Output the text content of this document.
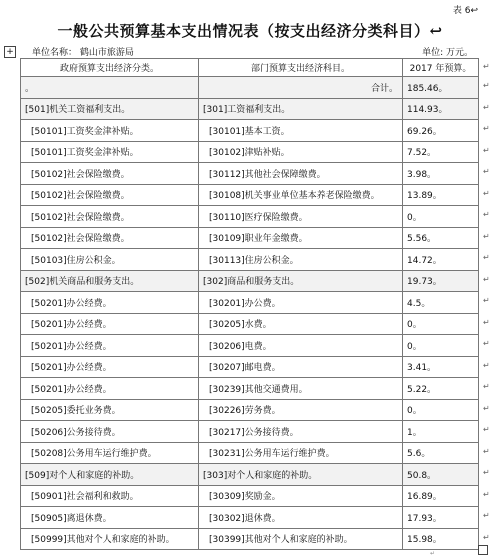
表 6↩
一般公共预算基本支出情况表（按支出经济分类科目）↩
+ 单位名称： 鹤山市旅游局	单位: 万元。
政府预算支出经济分类。	部门预算支出经济科目。	2017 年预算。
。	合计。	185.46。
[501]机关工资福利支出。	[301]工资福利支出。	114.93。
[50101]工资奖金津补贴。	[30101]基本工资。	69.26。
[50101]工资奖金津补贴。	[30102]津贴补贴。	7.52。
[50102]社会保险缴费。	[30112]其他社会保障缴费。	3.98。
[50102]社会保险缴费。	[30108]机关事业单位基本养老保险缴费。	13.89。
[50102]社会保险缴费。	[30110]医疗保险缴费。	0。
[50102]社会保险缴费。	[30109]职业年金缴费。	5.56。
[50103]住房公积金。	[30113]住房公积金。	14.72。
[502]机关商品和服务支出。	[302]商品和服务支出。	19.73。
[50201]办公经费。	[30201]办公费。	4.5。
[50201]办公经费。	[30205]水费。	0。
[50201]办公经费。	[30206]电费。	0。
[50201]办公经费。	[30207]邮电费。	3.41。
[50201]办公经费。	[30239]其他交通费用。	5.22。
[50205]委托业务费。	[30226]劳务费。	0。
[50206]公务接待费。	[30217]公务接待费。	1。
[50208]公务用车运行维护费。	[30231]公务用车运行维护费。	5.6。
[509]对个人和家庭的补助。	[303]对个人和家庭的补助。	50.8。
[50901]社会福利和救助。	[30309]奖励金。	16.89。
[50905]离退休费。	[30302]退休费。	17.93。
[50999]其他对个人和家庭的补助。	[30399]其他对个人和家庭的补助。	15.98。
↵
↵
↵
↵
↵
↵
↵
↵
↵
↵
↵
↵
↵
↵
↵
↵
↵
↵
↵
↵
↵
↵
↵
↵
